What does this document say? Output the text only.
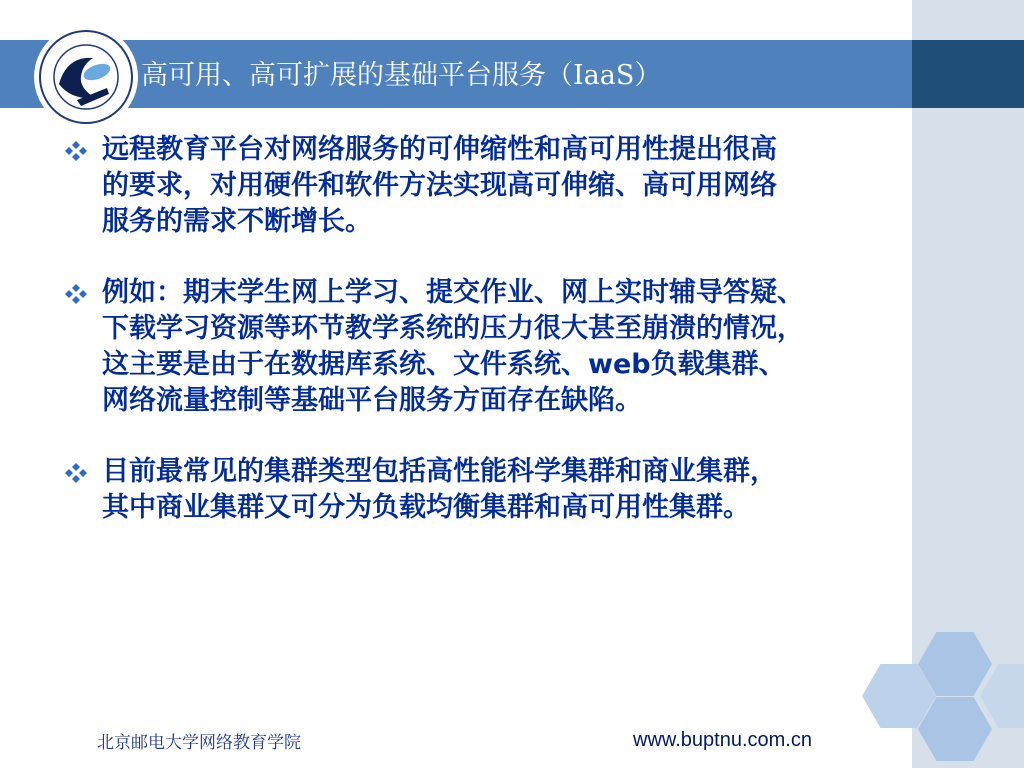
高可用、高可扩展的基础平台服务（IaaS）
远程教育平台对网络服务的可伸缩性和高可用性提出很高
的要求，对用硬件和软件方法实现高可伸缩、高可用网络
服务的需求不断增长。
例如：期末学生网上学习、提交作业、网上实时辅导答疑、
下载学习资源等环节教学系统的压力很大甚至崩溃的情况，
这主要是由于在数据库系统、文件系统、web负载集群、
网络流量控制等基础平台服务方面存在缺陷。
目前最常见的集群类型包括高性能科学集群和商业集群，
其中商业集群又可分为负载均衡集群和高可用性集群。
北京邮电大学网络教育学院	www.buptnu.com.cn
